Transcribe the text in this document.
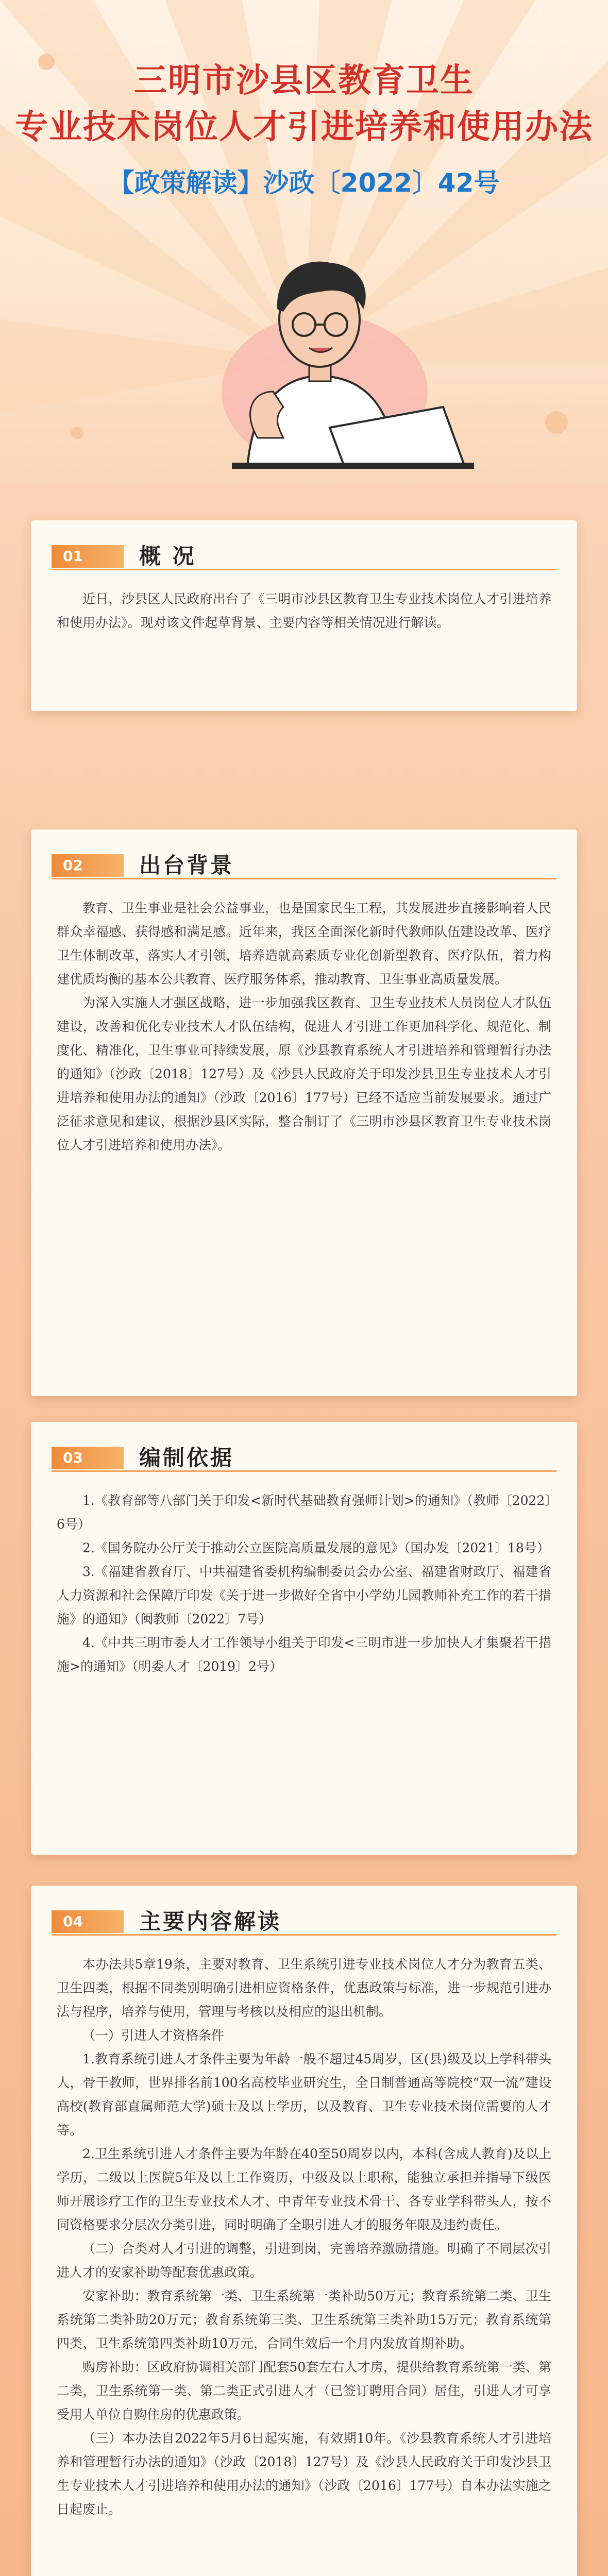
三明市沙县区教育卫生
专业技术岗位人才引进培养和使用办法
【政策解读】沙政〔2022〕42号
01	概 况

近日，沙县区人民政府出台了《三明市沙县区教育卫生专业技术岗位人才引进培养和使用办法》。现对该文件起草背景、主要内容等相关情况进行解读。

02	出台背景

教育、卫生事业是社会公益事业，也是国家民生工程，其发展进步直接影响着人民群众幸福感、获得感和满足感。近年来，我区全面深化新时代教师队伍建设改革、医疗卫生体制改革，落实人才引领，培养造就高素质专业化创新型教育、医疗队伍，着力构建优质均衡的基本公共教育、医疗服务体系，推动教育、卫生事业高质量发展。

为深入实施人才强区战略，进一步加强我区教育、卫生专业技术人员岗位人才队伍建设，改善和优化专业技术人才队伍结构，促进人才引进工作更加科学化、规范化、制度化、精准化，卫生事业可持续发展，原《沙县教育系统人才引进培养和管理暂行办法的通知》（沙政〔2018〕127号）及《沙县人民政府关于印发沙县卫生专业技术人才引进培养和使用办法的通知》（沙政〔2016〕177号）已经不适应当前发展要求。通过广泛征求意见和建议，根据沙县区实际，整合制订了《三明市沙县区教育卫生专业技术岗位人才引进培养和使用办法》。

03	编制依据

1.《教育部等八部门关于印发<新时代基础教育强师计划>的通知》（教师〔2022〕6号）

2.《国务院办公厅关于推动公立医院高质量发展的意见》（国办发〔2021〕18号）

3.《福建省教育厅、中共福建省委机构编制委员会办公室、福建省财政厅、福建省人力资源和社会保障厅印发《关于进一步做好全省中小学幼儿园教师补充工作的若干措施》的通知》（闽教师〔2022〕7号）

4.《中共三明市委人才工作领导小组关于印发<三明市进一步加快人才集聚若干措施>的通知》（明委人才〔2019〕2号）

04	主要内容解读

本办法共5章19条，主要对教育、卫生系统引进专业技术岗位人才分为教育五类、卫生四类，根据不同类别明确引进相应资格条件，优惠政策与标准，进一步规范引进办法与程序，培养与使用，管理与考核以及相应的退出机制。

（一）引进人才资格条件

1.教育系统引进人才条件主要为年龄一般不超过45周岁，区(县)级及以上学科带头人，骨干教师，世界排名前100名高校毕业研究生，全日制普通高等院校“双一流”建设高校(教育部直属师范大学)硕士及以上学历，以及教育、卫生专业技术岗位需要的人才等。

2.卫生系统引进人才条件主要为年龄在40至50周岁以内，本科(含成人教育)及以上学历，二级以上医院5年及以上工作资历，中级及以上职称，能独立承担并指导下级医师开展诊疗工作的卫生专业技术人才、中青年专业技术骨干、各专业学科带头人，按不同资格要求分层次分类引进，同时明确了全职引进人才的服务年限及违约责任。

（二）合类对人才引进的调整，引进到岗，完善培养激励措施。明确了不同层次引进人才的安家补助等配套优惠政策。

安家补助：教育系统第一类、卫生系统第一类补助50万元；教育系统第二类、卫生系统第二类补助20万元；教育系统第三类、卫生系统第三类补助15万元；教育系统第四类、卫生系统第四类补助10万元，合同生效后一个月内发放首期补助。

购房补助：区政府协调相关部门配套50套左右人才房，提供给教育系统第一类、第二类，卫生系统第一类、第二类正式引进人才（已签订聘用合同）居住，引进人才可享受用人单位自购住房的优惠政策。

（三）本办法自2022年5月6日起实施，有效期10年。《沙县教育系统人才引进培养和管理暂行办法的通知》（沙政〔2018〕127号）及《沙县人民政府关于印发沙县卫生专业技术人才引进培养和使用办法的通知》（沙政〔2016〕177号）自本办法实施之日起废止。
